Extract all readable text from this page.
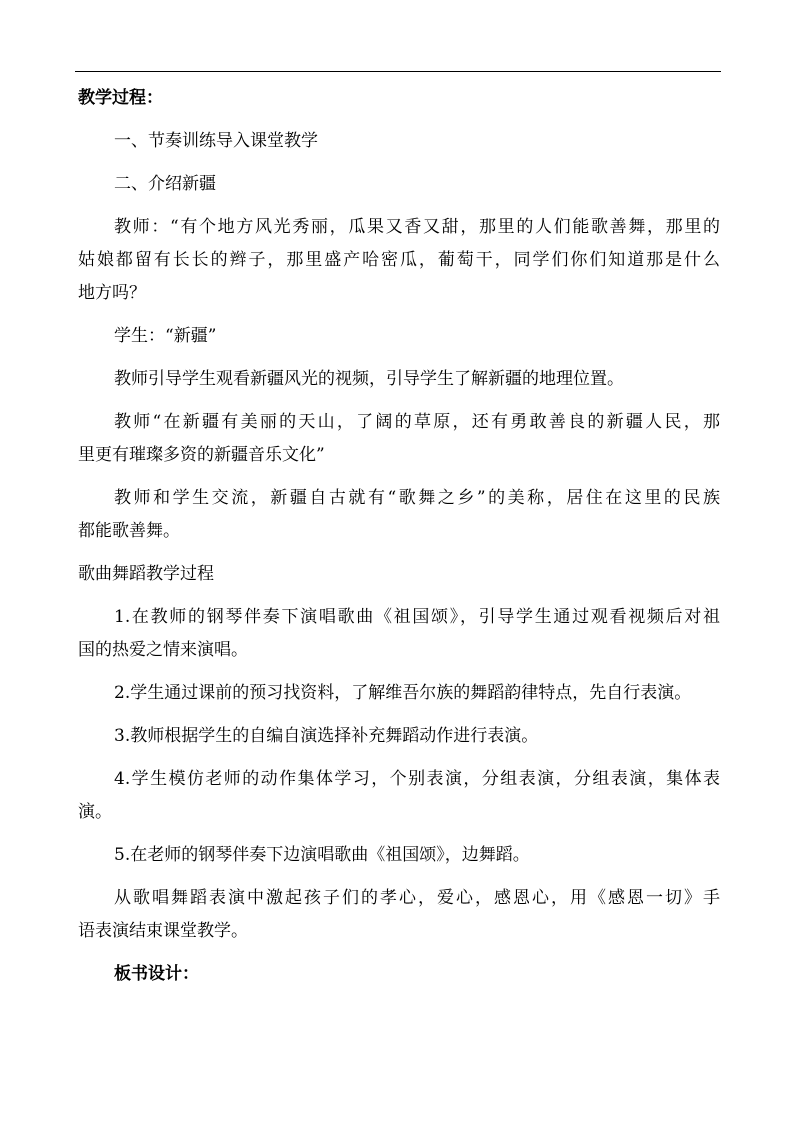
教学过程：
一、节奏训练导入课堂教学
二、介绍新疆
教师：“有个地方风光秀丽，瓜果又香又甜，那里的人们能歌善舞，那里的
姑娘都留有长长的辫子，那里盛产哈密瓜，葡萄干，同学们你们知道那是什么
地方吗？
学生：“新疆”
教师引导学生观看新疆风光的视频，引导学生了解新疆的地理位置。
教师“在新疆有美丽的天山，了阔的草原，还有勇敢善良的新疆人民，那
里更有璀璨多资的新疆音乐文化”
教师和学生交流，新疆自古就有“歌舞之乡”的美称，居住在这里的民族
都能歌善舞。
歌曲舞蹈教学过程
1.在教师的钢琴伴奏下演唱歌曲《祖国颂》，引导学生通过观看视频后对祖
国的热爱之情来演唱。
2.学生通过课前的预习找资料，了解维吾尔族的舞蹈韵律特点，先自行表演。
3.教师根据学生的自编自演选择补充舞蹈动作进行表演。
4.学生模仿老师的动作集体学习，个别表演，分组表演，分组表演，集体表
演。
5.在老师的钢琴伴奏下边演唱歌曲《祖国颂》，边舞蹈。
从歌唱舞蹈表演中激起孩子们的孝心，爱心，感恩心，用《感恩一切》手
语表演结束课堂教学。
板书设计：
